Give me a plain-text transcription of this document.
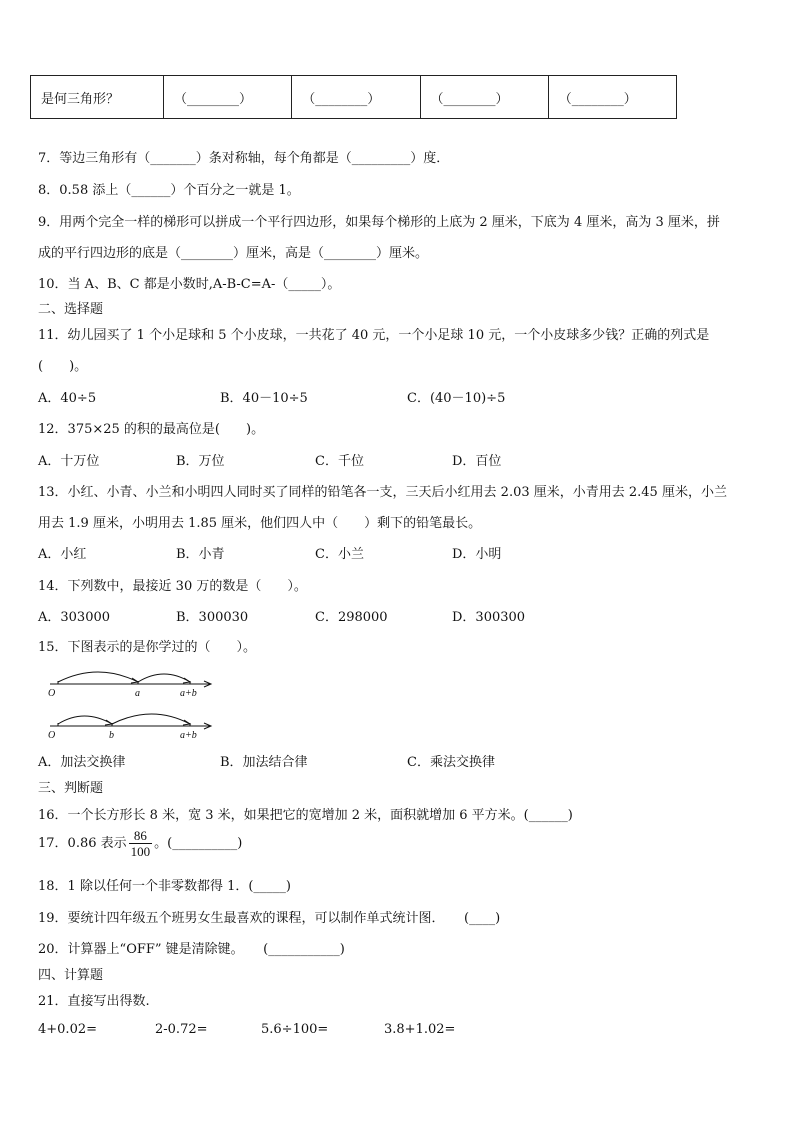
是何三角形？	（________）	（________）	（________）	（________）
7．等边三角形有（_______）条对称轴，每个角都是（_________）度．
8．0.58 添上（______）个百分之一就是 1。
9．用两个完全一样的梯形可以拼成一个平行四边形，如果每个梯形的上底为 2 厘米，下底为 4 厘米，高为 3 厘米，拼
成的平行四边形的底是（________）厘米，高是（________）厘米。
10．当 A、B、C 都是小数时,A-B-C=A-（_____）。
二、选择题
11．幼儿园买了 1 个小足球和 5 个小皮球，一共花了 40 元，一个小足球 10 元，一个小皮球多少钱？正确的列式是
(　　)。
A．40÷5	B．40－10÷5	C．(40－10)÷5
12．375×25 的积的最高位是(　　)。
A．十万位	B．万位	C．千位	D．百位
13．小红、小青、小兰和小明四人同时买了同样的铅笔各一支，三天后小红用去 2.03 厘米，小青用去 2.45 厘米，小兰
用去 1.9 厘米，小明用去 1.85 厘米，他们四人中（　　）剩下的铅笔最长。
A．小红	B．小青	C．小兰	D．小明
14．下列数中，最接近 30 万的数是（　　）。
A．303000	B．300030	C．298000	D．300300
15．下图表示的是你学过的（　　）。
O	a	a+b
O	b	a+b
A．加法交换律	B．加法结合律	C．乘法交换律
三、判断题
16．一个长方形长 8 米，宽 3 米，如果把它的宽增加 2 米，面积就增加 6 平方米。(______)
17．0.86 表示 $\frac{86}{100}$ 。(__________)
18．1 除以任何一个非零数都得 1．(_____)
19．要统计四年级五个班男女生最喜欢的课程，可以制作单式统计图．　　(____)
20．计算器上“OFF” 键是清除键。　　(___________)
四、计算题
21．直接写出得数.
4+0.02=	2-0.72=	5.6÷100=	3.8+1.02=
